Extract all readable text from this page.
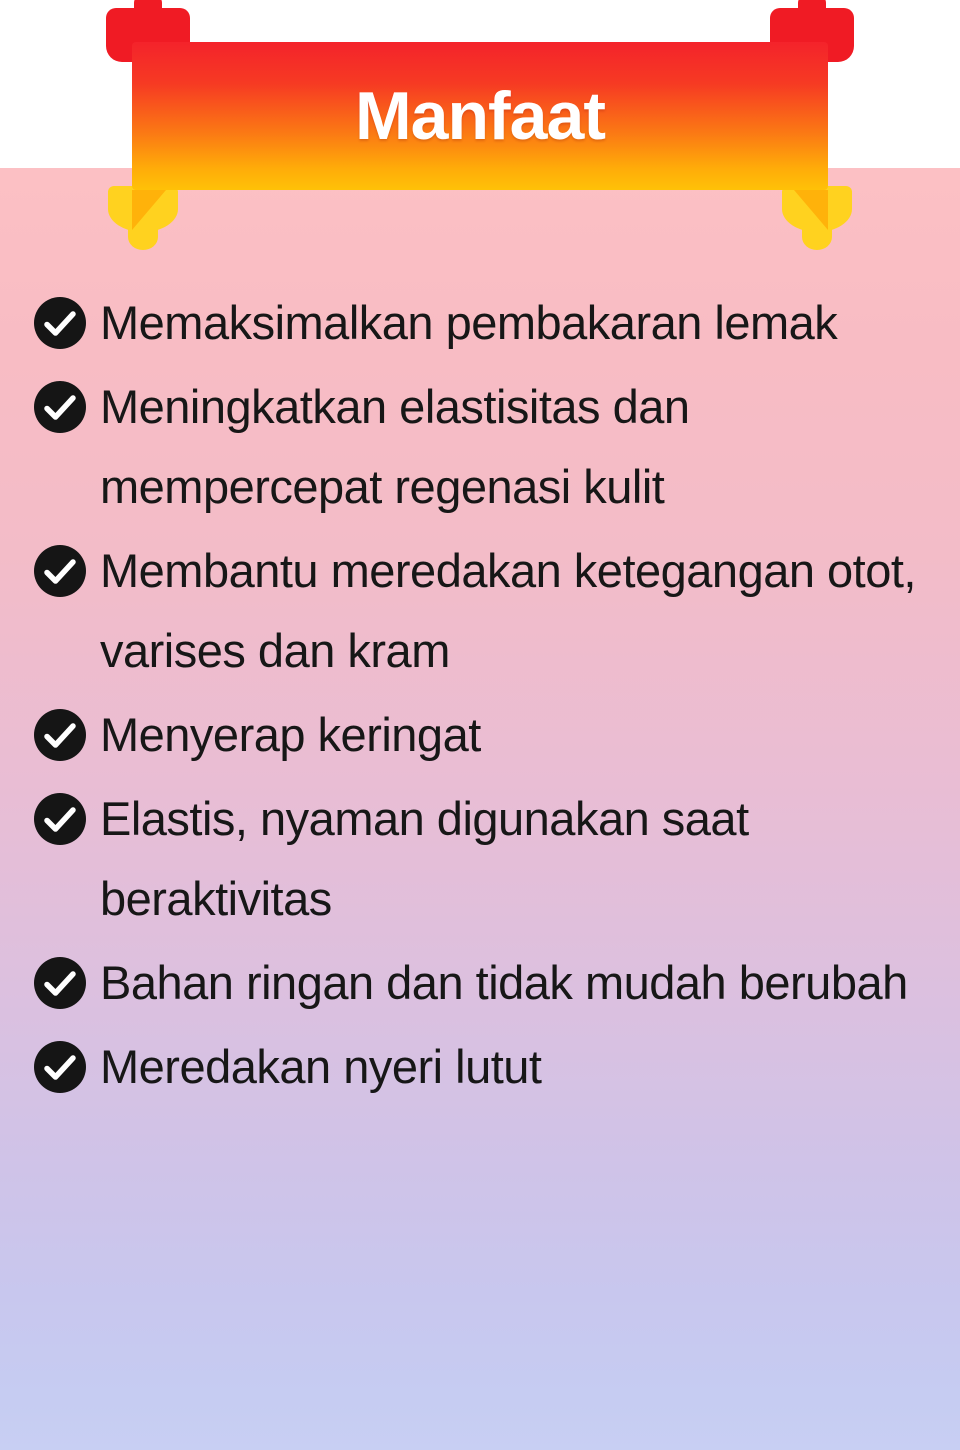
Manfaat
Memaksimalkan pembakaran lemak
Meningkatkan elastisitas dan mempercepat regenasi kulit
Membantu meredakan ketegangan otot, varises dan kram
Menyerap keringat
Elastis, nyaman digunakan saat beraktivitas
Bahan ringan dan tidak mudah berubah
Meredakan nyeri lutut
